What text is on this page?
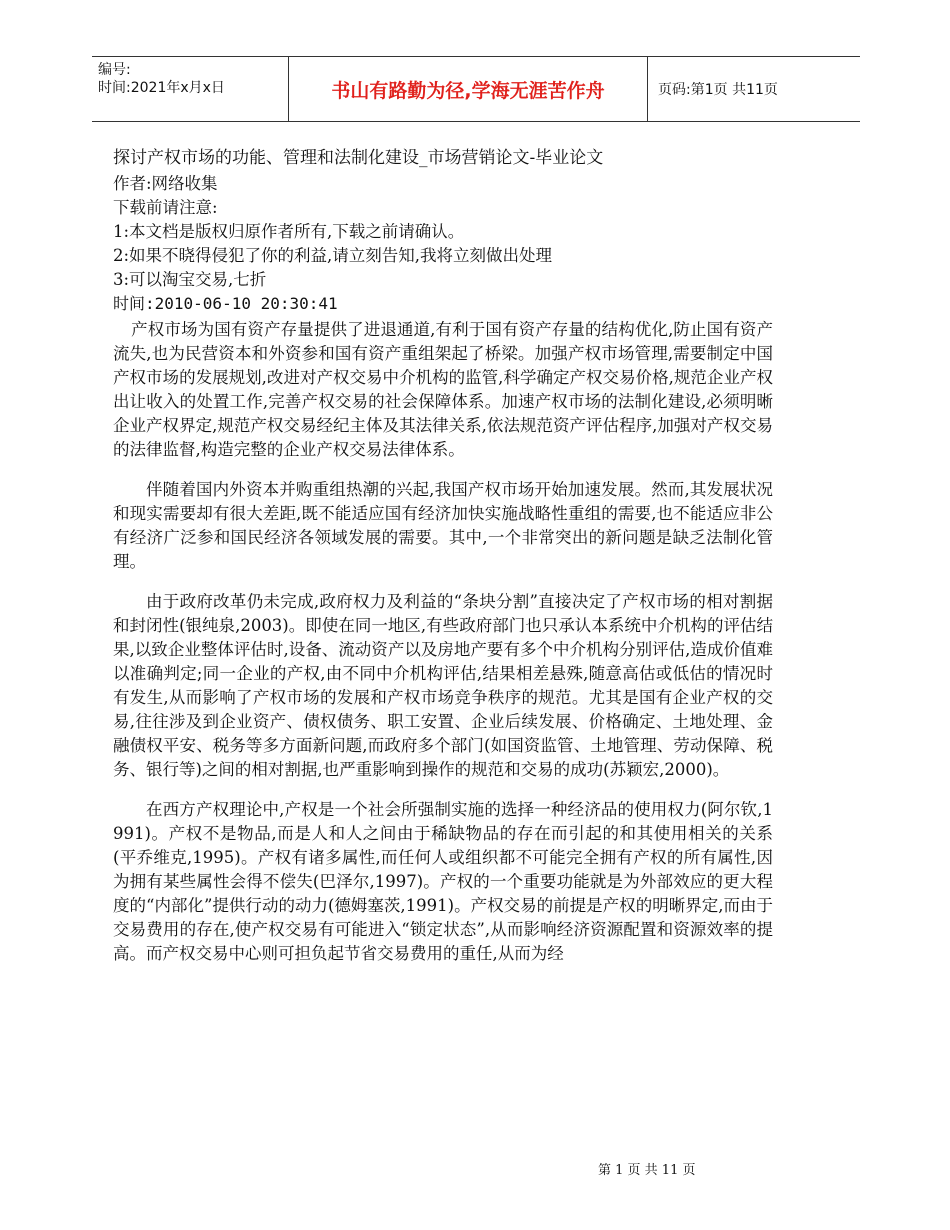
编号:
时间:2021年x月x日	书山有路勤为径,学海无涯苦作舟	页码:第1页 共11页

探讨产权市场的功能、管理和法制化建设_市场营销论文-毕业论文

作者:网络收集

下载前请注意:

1:本文档是版权归原作者所有,下载之前请确认。

2:如果不晓得侵犯了你的利益,请立刻告知,我将立刻做出处理

3:可以淘宝交易,七折

时间:2010-06-10 20:30:41

产权市场为国有资产存量提供了进退通道,有利于国有资产存量的结构优化,防止国有资产流失,也为民营资本和外资参和国有资产重组架起了桥梁。加强产权市场管理,需要制定中国产权市场的发展规划,改进对产权交易中介机构的监管,科学确定产权交易价格,规范企业产权出让收入的处置工作,完善产权交易的社会保障体系。加速产权市场的法制化建设,必须明晰企业产权界定,规范产权交易经纪主体及其法律关系,依法规范资产评估程序,加强对产权交易的法律监督,构造完整的企业产权交易法律体系。

伴随着国内外资本并购重组热潮的兴起,我国产权市场开始加速发展。然而,其发展状况和现实需要却有很大差距,既不能适应国有经济加快实施战略性重组的需要,也不能适应非公有经济广泛参和国民经济各领域发展的需要。其中,一个非常突出的新问题是缺乏法制化管理。

由于政府改革仍未完成,政府权力及利益的“条块分割”直接决定了产权市场的相对割据和封闭性(银纯泉,2003)。即使在同一地区,有些政府部门也只承认本系统中介机构的评估结果,以致企业整体评估时,设备、流动资产以及房地产要有多个中介机构分别评估,造成价值难以准确判定;同一企业的产权,由不同中介机构评估,结果相差悬殊,随意高估或低估的情况时有发生,从而影响了产权市场的发展和产权市场竞争秩序的规范。尤其是国有企业产权的交易,往往涉及到企业资产、债权债务、职工安置、企业后续发展、价格确定、土地处理、金融债权平安、税务等多方面新问题,而政府多个部门(如国资监管、土地管理、劳动保障、税务、银行等)之间的相对割据,也严重影响到操作的规范和交易的成功(苏颖宏,2000)。

在西方产权理论中,产权是一个社会所强制实施的选择一种经济品的使用权力(阿尔钦,1991)。产权不是物品,而是人和人之间由于稀缺物品的存在而引起的和其使用相关的关系(平乔维克,1995)。产权有诸多属性,而任何人或组织都不可能完全拥有产权的所有属性,因为拥有某些属性会得不偿失(巴泽尔,1997)。产权的一个重要功能就是为外部效应的更大程度的“内部化”提供行动的动力(德姆塞茨,1991)。产权交易的前提是产权的明晰界定,而由于交易费用的存在,使产权交易有可能进入“锁定状态”,从而影响经济资源配置和资源效率的提高。而产权交易中心则可担负起节省交易费用的重任,从而为经

第 1 页 共 11 页
